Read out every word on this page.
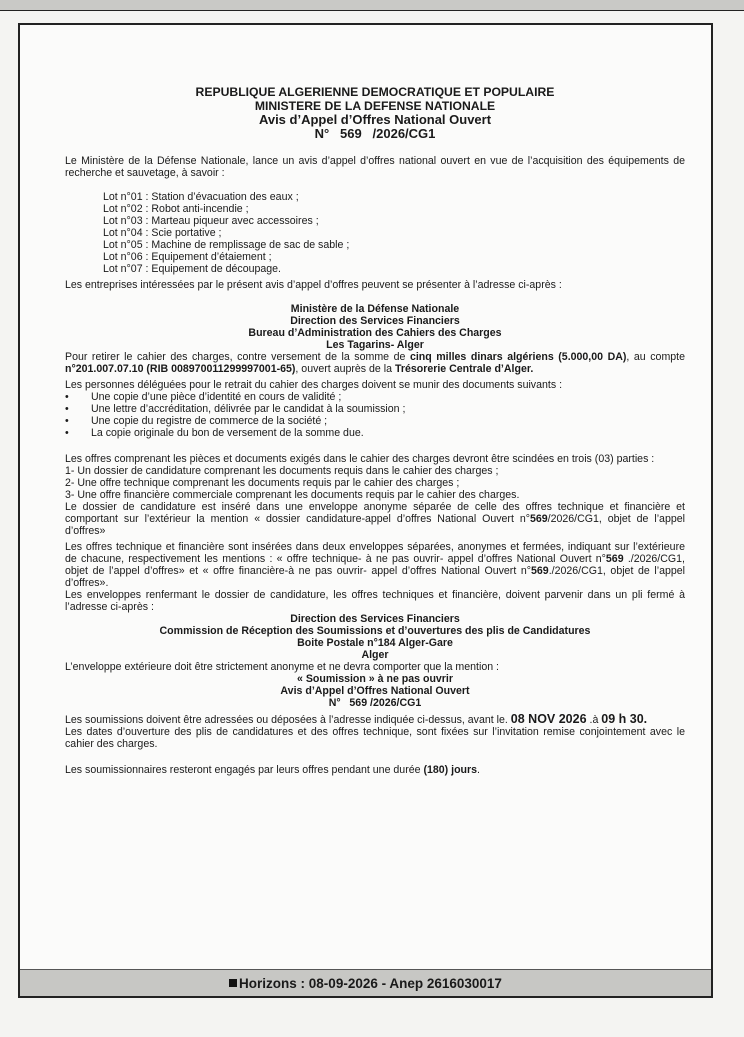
REPUBLIQUE ALGERIENNE DEMOCRATIQUE ET POPULAIRE
MINISTERE DE LA DEFENSE NATIONALE
Avis d’Appel d’Offres National Ouvert
N°   569   /2026/CG1

Le Ministère de la Défense Nationale, lance un avis d’appel d’offres national ouvert en vue de l’acquisition des équipements de recherche et sauvetage, à savoir :

Lot n°01 : Station d’évacuation des eaux ;
Lot n°02 : Robot anti-incendie ;
Lot n°03 : Marteau piqueur avec accessoires ;
Lot n°04 : Scie portative ;
Lot n°05 : Machine de remplissage de sac de sable ;
Lot n°06 : Equipement d’étaiement ;
Lot n°07 : Equipement de découpage.

Les entreprises intéressées par le présent avis d’appel d’offres peuvent se présenter à l’adresse ci-après :

Ministère de la Défense Nationale
Direction des Services Financiers
Bureau d’Administration des Cahiers des Charges
Les Tagarins- Alger

Pour retirer le cahier des charges, contre versement de la somme de cinq milles dinars algériens (5.000,00 DA), au compte n°201.007.07.10 (RIB 008970011299997001-65), ouvert auprès de la Trésorerie Centrale d’Alger.

Les personnes déléguées pour le retrait du cahier des charges doivent se munir des documents suivants :

• Une copie d’une pièce d’identité en cours de validité ;
• Une lettre d’accréditation, délivrée par le candidat à la soumission ;
• Une copie du registre de commerce de la société ;
• La copie originale du bon de versement de la somme due.

Les offres comprenant les pièces et documents exigés dans le cahier des charges devront être scindées en trois (03) parties :

1- Un dossier de candidature comprenant les documents requis dans le cahier des charges ;
2- Une offre technique comprenant les documents requis par le cahier des charges ;
3- Une offre financière commerciale comprenant les documents requis par le cahier des charges.

Le dossier de candidature est inséré dans une enveloppe anonyme séparée de celle des offres technique et financière et comportant sur l’extérieur la mention « dossier candidature-appel d’offres National Ouvert n°569/2026/CG1, objet de l’appel d’offres»

Les offres technique et financière sont insérées dans deux enveloppes séparées, anonymes et fermées, indiquant sur l’extérieure de chacune, respectivement les mentions : « offre technique- à ne pas ouvrir- appel d’offres National Ouvert n°569 ./2026/CG1, objet de l’appel d’offres» et « offre financière-à ne pas ouvrir- appel d’offres National Ouvert n°569./2026/CG1, objet de l’appel d’offres».

Les enveloppes renfermant le dossier de candidature, les offres techniques et financière, doivent parvenir dans un pli fermé à l’adresse ci-après :

Direction des Services Financiers
Commission de Réception des Soumissions et d’ouvertures des plis de Candidatures
Boite Postale n°184 Alger-Gare
Alger

L’enveloppe extérieure doit être strictement anonyme et ne devra comporter que la mention :

« Soumission » à ne pas ouvrir
Avis d’Appel d’Offres National Ouvert
N°   569 /2026/CG1

Les soumissions doivent être adressées ou déposées à l’adresse indiquée ci-dessus, avant le. 08 NOV 2026 .à 09 h 30.

Les dates d’ouverture des plis de candidatures et des offres technique, sont fixées sur l’invitation remise conjointement avec le cahier des charges.

Les soumissionnaires resteront engagés par leurs offres pendant une durée (180) jours.

Horizons : 08-09-2026 - Anep 2616030017
